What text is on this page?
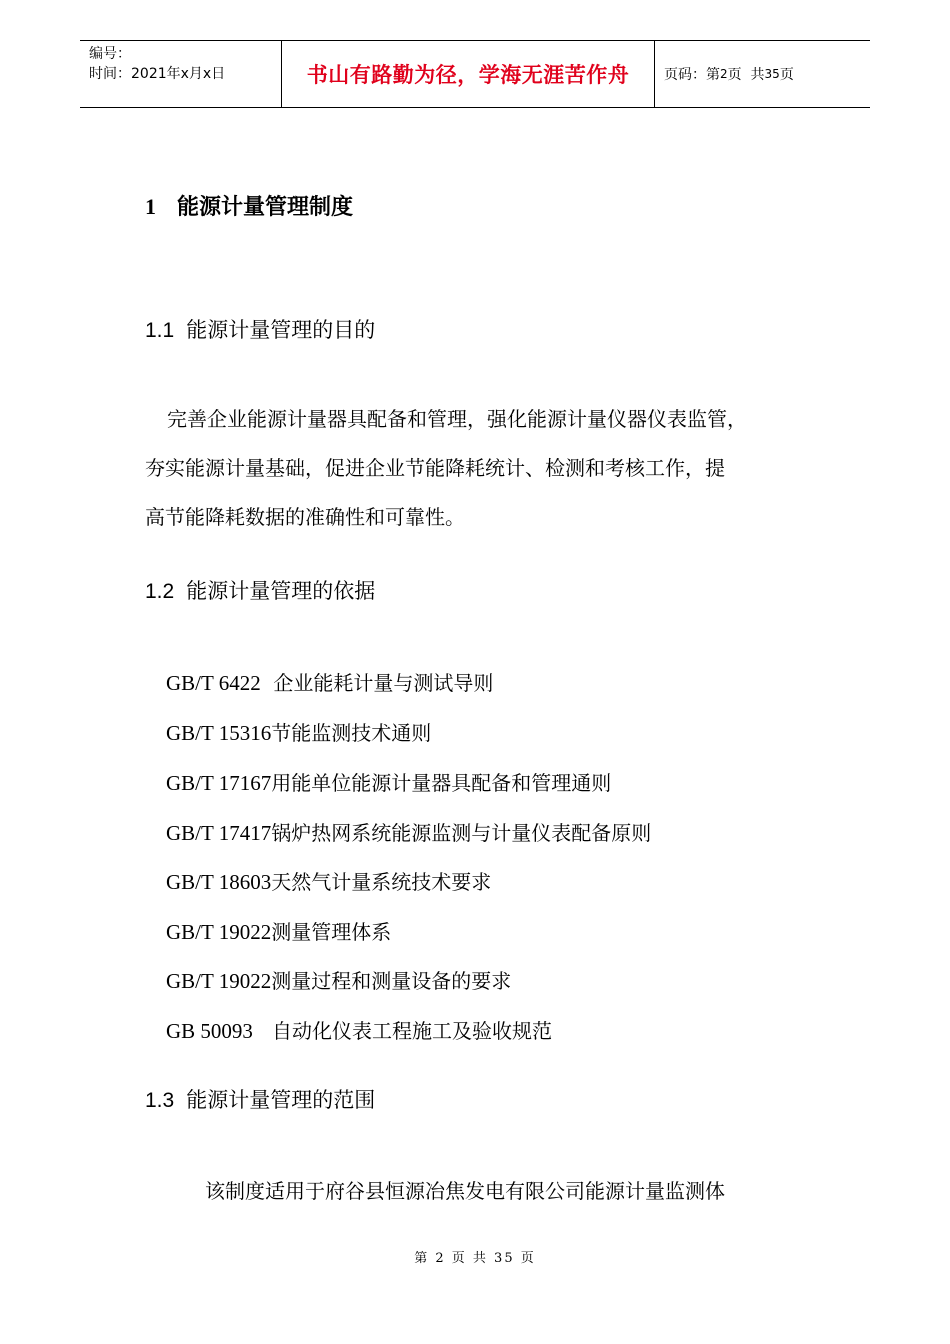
编号：
时间：2021年x月x日	书山有路勤为径，学海无涯苦作舟	页码：第 2 页  共 35 页
1 能源计量管理制度
1.1 能源计量管理的目的
完善企业能源计量器具配备和管理，强化能源计量仪器仪表监管，
夯实能源计量基础，促进企业节能降耗统计、检测和考核工作，提
高节能降耗数据的准确性和可靠性。
1.2 能源计量管理的依据
GB/T 6422  企业能耗计量与测试导则
GB/T 15316节能监测技术通则
GB/T 17167用能单位能源计量器具配备和管理通则
GB/T 17417锅炉热网系统能源监测与计量仪表配备原则
GB/T 18603天然气计量系统技术要求
GB/T 19022测量管理体系
GB/T 19022测量过程和测量设备的要求
GB 50093   自动化仪表工程施工及验收规范
1.3 能源计量管理的范围
该制度适用于府谷县恒源冶焦发电有限公司能源计量监测体
第 2 页 共 35 页
